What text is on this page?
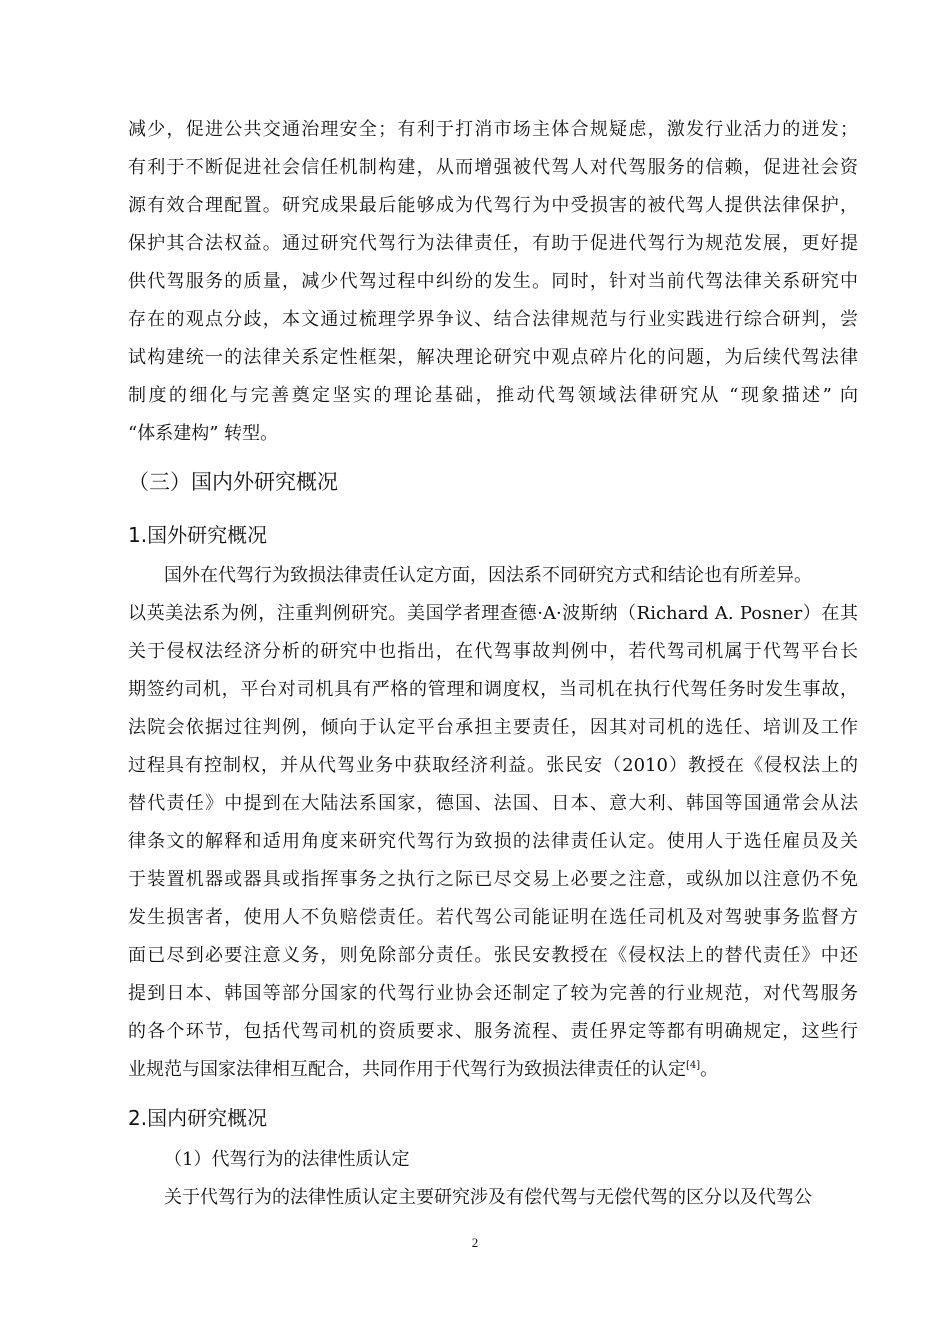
减少，促进公共交通治理安全；有利于打消市场主体合规疑虑，激发行业活力的迸发；
有利于不断促进社会信任机制构建，从而增强被代驾人对代驾服务的信赖，促进社会资
源有效合理配置。研究成果最后能够成为代驾行为中受损害的被代驾人提供法律保护，
保护其合法权益。通过研究代驾行为法律责任，有助于促进代驾行为规范发展，更好提
供代驾服务的质量，减少代驾过程中纠纷的发生。同时，针对当前代驾法律关系研究中
存在的观点分歧，本文通过梳理学界争议、结合法律规范与行业实践进行综合研判，尝
试构建统一的法律关系定性框架，解决理论研究中观点碎片化的问题，为后续代驾法律
制度的细化与完善奠定坚实的理论基础，推动代驾领域法律研究从 “现象描述” 向
“体系建构” 转型。
（三）国内外研究概况
1.国外研究概况
国外在代驾行为致损法律责任认定方面，因法系不同研究方式和结论也有所差异。
以英美法系为例，注重判例研究。美国学者理查德·A·波斯纳（Richard A. Posner）在其
关于侵权法经济分析的研究中也指出，在代驾事故判例中，若代驾司机属于代驾平台长
期签约司机，平台对司机具有严格的管理和调度权，当司机在执行代驾任务时发生事故，
法院会依据过往判例，倾向于认定平台承担主要责任，因其对司机的选任、培训及工作
过程具有控制权，并从代驾业务中获取经济利益。张民安（2010）教授在《侵权法上的
替代责任》中提到在大陆法系国家，德国、法国、日本、意大利、韩国等国通常会从法
律条文的解释和适用角度来研究代驾行为致损的法律责任认定。使用人于选任雇员及关
于装置机器或器具或指挥事务之执行之际已尽交易上必要之注意，或纵加以注意仍不免
发生损害者，使用人不负赔偿责任。若代驾公司能证明在选任司机及对驾驶事务监督方
面已尽到必要注意义务，则免除部分责任。张民安教授在《侵权法上的替代责任》中还
提到日本、韩国等部分国家的代驾行业协会还制定了较为完善的行业规范，对代驾服务
的各个环节，包括代驾司机的资质要求、服务流程、责任界定等都有明确规定，这些行
业规范与国家法律相互配合，共同作用于代驾行为致损法律责任的认定[4]。
2.国内研究概况
（1）代驾行为的法律性质认定
关于代驾行为的法律性质认定主要研究涉及有偿代驾与无偿代驾的区分以及代驾公
2
